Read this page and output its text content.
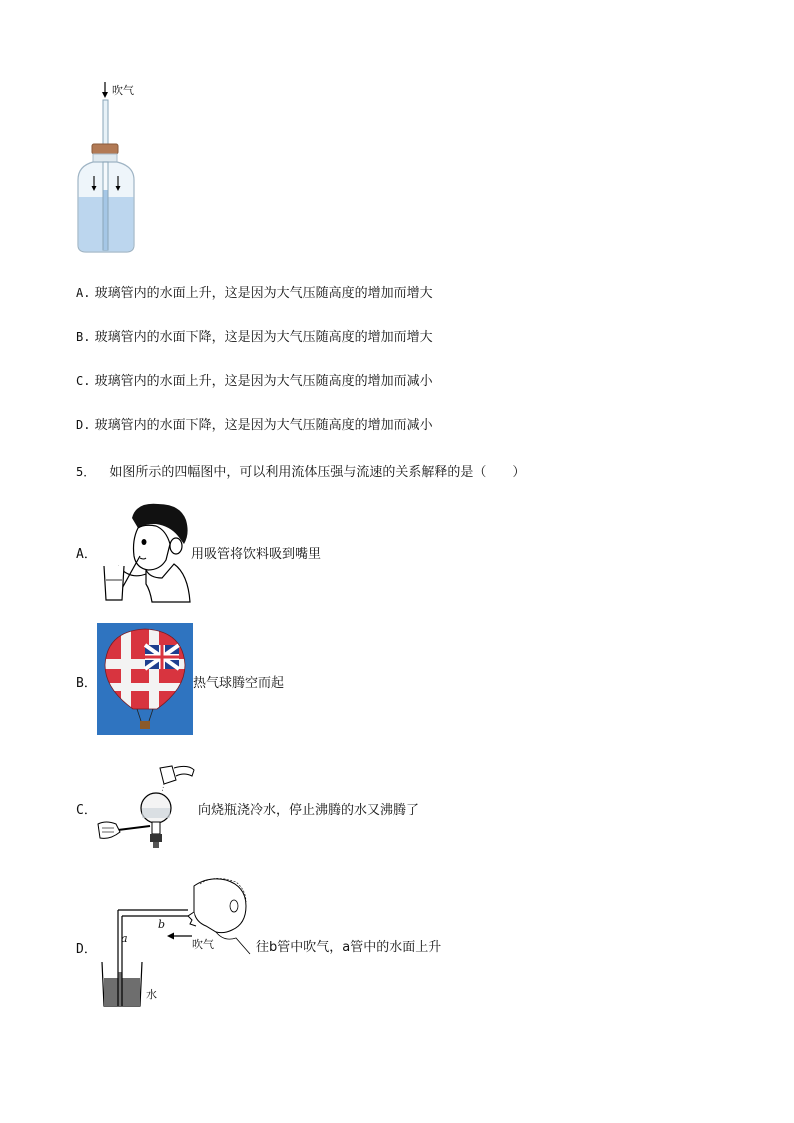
吹气
A. 玻璃管内的水面上升，这是因为大气压随高度的增加而增大
B. 玻璃管内的水面下降，这是因为大气压随高度的增加而增大
C. 玻璃管内的水面上升，这是因为大气压随高度的增加而减小
D. 玻璃管内的水面下降，这是因为大气压随高度的增加而减小
5． 如图所示的四幅图中，可以利用流体压强与流速的关系解释的是（　　）
A．	用吸管将饮料吸到嘴里
B．	热气球腾空而起
C．	向烧瓶浇冷水，停止沸腾的水又沸腾了
D．
a
b
吹气
水
往b管中吹气，a管中的水面上升
